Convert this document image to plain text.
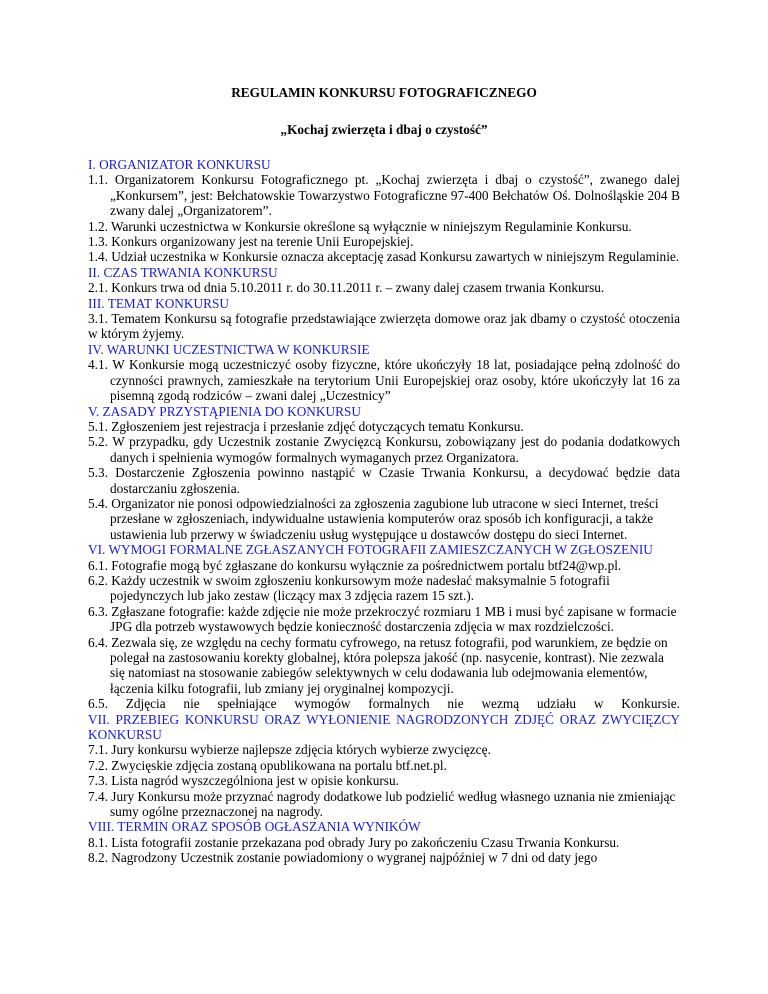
REGULAMIN KONKURSU FOTOGRAFICZNEGO
„Kochaj zwierzęta i dbaj o czystość”
I. ORGANIZATOR KONKURSU
1.1. Organizatorem Konkursu Fotograficznego pt. „Kochaj zwierzęta i dbaj o czystość”, zwanego dalej „Konkursem”, jest: Bełchatowskie Towarzystwo Fotograficzne 97-400 Bełchatów Oś. Dolnośląskie 204 B zwany dalej „Organizatorem”.
1.2. Warunki uczestnictwa w Konkursie określone są wyłącznie w niniejszym Regulaminie Konkursu.
1.3. Konkurs organizowany jest na terenie Unii Europejskiej.
1.4. Udział uczestnika w Konkursie oznacza akceptację zasad Konkursu zawartych w niniejszym Regulaminie.
II. CZAS TRWANIA KONKURSU
2.1. Konkurs trwa od dnia 5.10.2011 r. do 30.11.2011 r. – zwany dalej czasem trwania Konkursu.
III. TEMAT KONKURSU
3.1. Tematem Konkursu są fotografie przedstawiające zwierzęta domowe oraz jak dbamy o czystość otoczenia w którym żyjemy.
IV. WARUNKI UCZESTNICTWA W KONKURSIE
4.1. W Konkursie mogą uczestniczyć osoby fizyczne, które ukończyły 18 lat, posiadające pełną zdolność do czynności prawnych, zamieszkałe na terytorium Unii Europejskiej oraz osoby, które ukończyły lat 16 za pisemną zgodą rodziców – zwani dalej „Uczestnicy”
V. ZASADY PRZYSTĄPIENIA DO KONKURSU
5.1. Zgłoszeniem jest rejestracja i przesłanie zdjęć dotyczących tematu Konkursu.
5.2. W przypadku, gdy Uczestnik zostanie Zwycięzcą Konkursu, zobowiązany jest do podania dodatkowych danych i spełnienia wymogów formalnych wymaganych przez Organizatora.
5.3. Dostarczenie Zgłoszenia powinno nastąpić w Czasie Trwania Konkursu, a decydować będzie data dostarczaniu zgłoszenia.
5.4. Organizator nie ponosi odpowiedzialności za zgłoszenia zagubione lub utracone w sieci Internet, treści przesłane w zgłoszeniach, indywidualne ustawienia komputerów oraz sposób ich konfiguracji, a także ustawienia lub przerwy w świadczeniu usług występujące u dostawców dostępu do sieci Internet.
VI. WYMOGI FORMALNE ZGŁASZANYCH FOTOGRAFII ZAMIESZCZANYCH W ZGŁOSZENIU
6.1. Fotografie mogą być zgłaszane do konkursu wyłącznie za pośrednictwem portalu btf24@wp.pl.
6.2. Każdy uczestnik w swoim zgłoszeniu konkursowym może nadesłać maksymalnie 5 fotografii pojedynczych lub jako zestaw (liczący max 3 zdjęcia razem 15 szt.).
6.3. Zgłaszane fotografie: każde zdjęcie nie może przekroczyć rozmiaru 1 MB i musi być zapisane w formacie JPG dla potrzeb wystawowych będzie konieczność dostarczenia zdjęcia w max rozdzielczości.
6.4. Zezwala się, ze względu na cechy formatu cyfrowego, na retusz fotografii, pod warunkiem, ze będzie on polegał na zastosowaniu korekty globalnej, która polepsza jakość (np. nasycenie, kontrast). Nie zezwala się natomiast na stosowanie zabiegów selektywnych w celu dodawania lub odejmowania elementów, łączenia kilku fotografii, lub zmiany jej oryginalnej kompozycji.
6.5. Zdjęcia nie spełniające wymogów formalnych nie wezmą udziału w Konkursie.
VII. PRZEBIEG KONKURSU ORAZ WYŁONIENIE NAGRODZONYCH ZDJĘĆ ORAZ ZWYCIĘZCY KONKURSU
7.1. Jury konkursu wybierze najlepsze zdjęcia których wybierze zwycięzcę.
7.2. Zwycięskie zdjęcia zostaną opublikowana na portalu btf.net.pl.
7.3. Lista nagród wyszczególniona jest w opisie konkursu.
7.4. Jury Konkursu może przyznać nagrody dodatkowe lub podzielić według własnego uznania nie zmieniając sumy ogólne przeznaczonej na nagrody.
VIII. TERMIN ORAZ SPOSÓB OGŁASZANIA WYNIKÓW
8.1. Lista fotografii zostanie przekazana pod obrady Jury po zakończeniu Czasu Trwania Konkursu.
8.2. Nagrodzony Uczestnik zostanie powiadomiony o wygranej najpóźniej w 7 dni od daty jego
